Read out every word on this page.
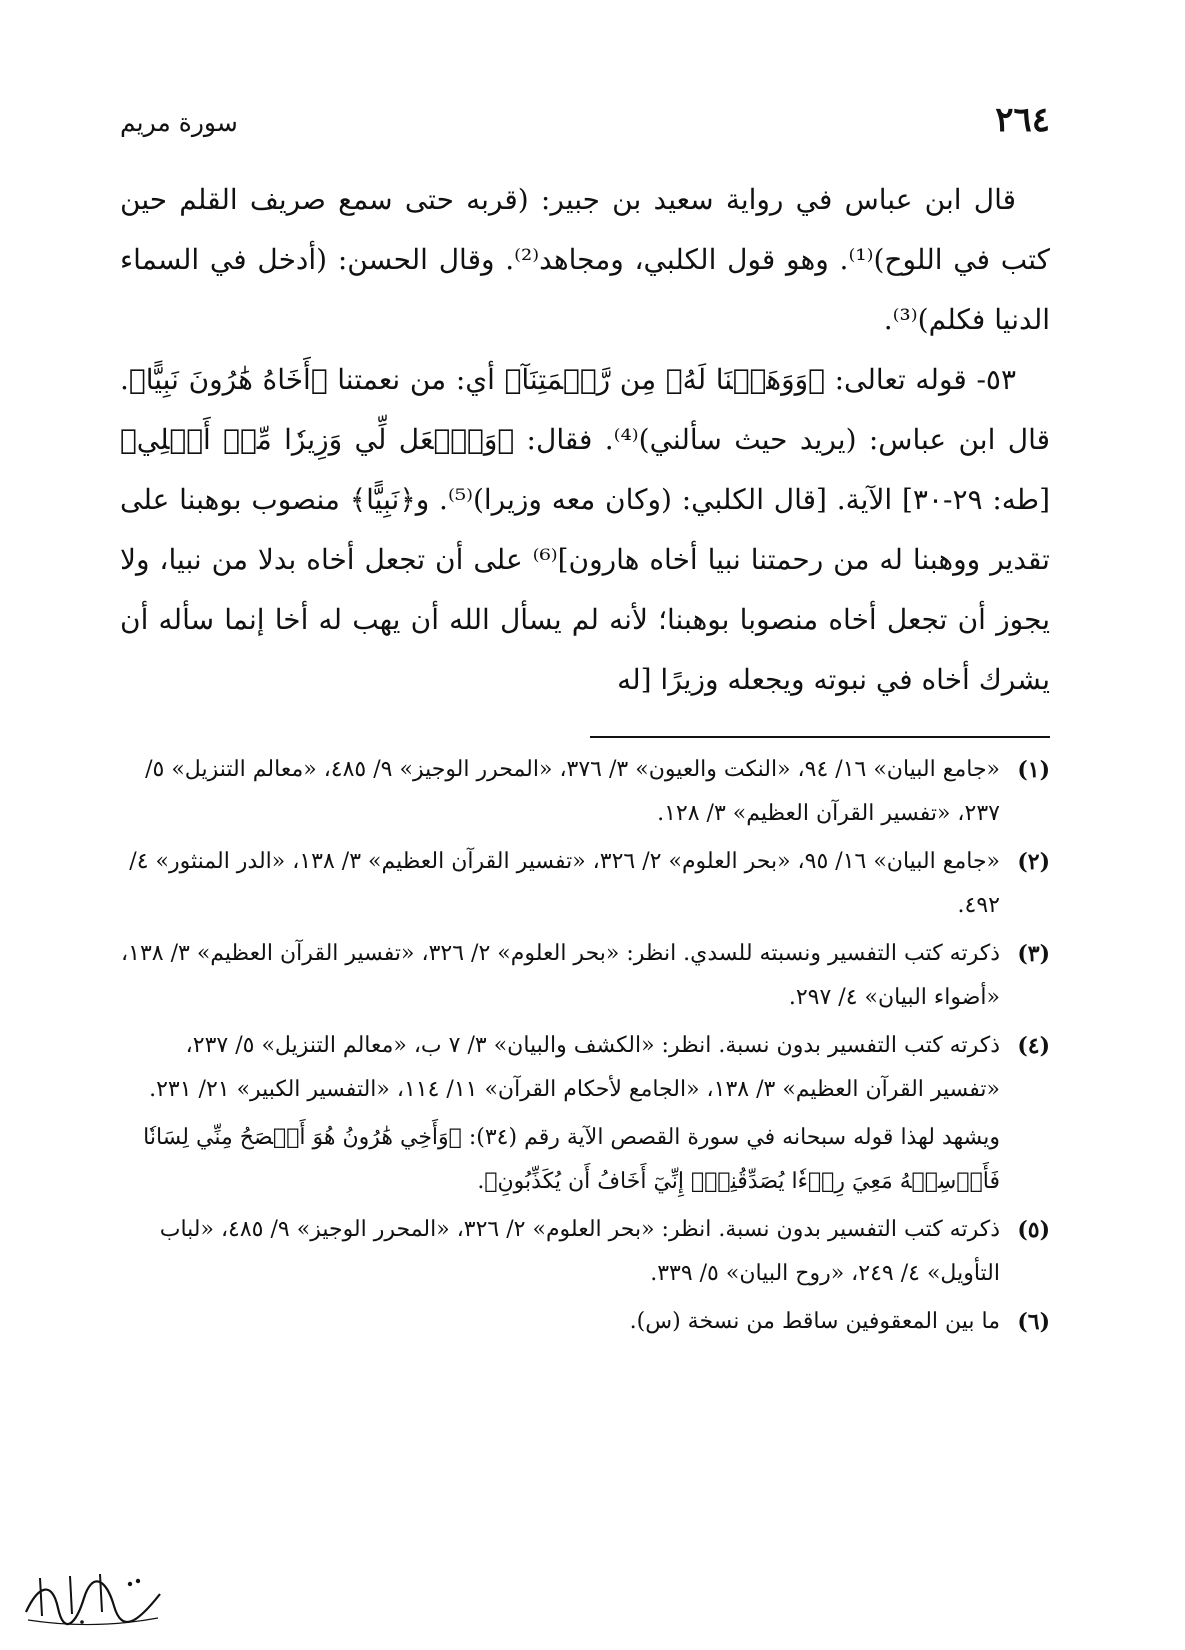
٢٦٤
سورة مريم

قال ابن عباس في رواية سعيد بن جبير: (قربه حتى سمع صريف القلم حين كتب في اللوح)⁽¹⁾. وهو قول الكلبي، ومجاهد⁽²⁾. وقال الحسن: (أدخل في السماء الدنيا فكلم)⁽³⁾.

٥٣- قوله تعالى: ﴿وَوَهَبۡنَا لَهُۥ مِن رَّحۡمَتِنَآ﴾ أي: من نعمتنا ﴿أَخَاهُ هَٰرُونَ نَبِيًّا﴾. قال ابن عباس: (يريد حيث سألني)⁽⁴⁾. فقال: ﴿وَٱجۡعَل لِّي وَزِيرٗا مِّنۡ أَهۡلِي﴾ [طه: ٢٩-٣٠] الآية. [قال الكلبي: (وكان معه وزيرا)⁽⁵⁾. و﴿نَبِيًّا﴾ منصوب بوهبنا على تقدير ووهبنا له من رحمتنا نبيا أخاه هارون]⁽⁶⁾ على أن تجعل أخاه بدلا من نبيا، ولا يجوز أن تجعل أخاه منصوبا بوهبنا؛ لأنه لم يسأل الله أن يهب له أخا إنما سأله أن يشرك أخاه في نبوته ويجعله وزيرًا [له

(١)
«جامع البيان» ١٦/ ٩٤، «النكت والعيون» ٣/ ٣٧٦، «المحرر الوجيز» ٩/ ٤٨٥، «معالم التنزيل» ٥/ ٢٣٧، «تفسير القرآن العظيم» ٣/ ١٢٨.
(٢)
«جامع البيان» ١٦/ ٩٥، «بحر العلوم» ٢/ ٣٢٦، «تفسير القرآن العظيم» ٣/ ١٣٨، «الدر المنثور» ٤/ ٤٩٢.
(٣)
ذكرته كتب التفسير ونسبته للسدي. انظر: «بحر العلوم» ٢/ ٣٢٦، «تفسير القرآن العظيم» ٣/ ١٣٨، «أضواء البيان» ٤/ ٢٩٧.
(٤)
ذكرته كتب التفسير بدون نسبة. انظر: «الكشف والبيان» ٣/ ٧ ب، «معالم التنزيل» ٥/ ٢٣٧، «تفسير القرآن العظيم» ٣/ ١٣٨، «الجامع لأحكام القرآن» ١١/ ١١٤، «التفسير الكبير» ٢١/ ٢٣١.
ويشهد لهذا قوله سبحانه في سورة القصص الآية رقم (٣٤): ﴿وَأَخِي هَٰرُونُ هُوَ أَفۡصَحُ مِنِّي لِسَانٗا فَأَرۡسِلۡهُ مَعِيَ رِدۡءٗا يُصَدِّقُنِيٓۖ إِنِّيٓ أَخَافُ أَن يُكَذِّبُونِ﴾.
(٥)
ذكرته كتب التفسير بدون نسبة. انظر: «بحر العلوم» ٢/ ٣٢٦، «المحرر الوجيز» ٩/ ٤٨٥، «لباب التأويل» ٤/ ٢٤٩، «روح البيان» ٥/ ٣٣٩.
(٦)
ما بين المعقوفين ساقط من نسخة (س).
